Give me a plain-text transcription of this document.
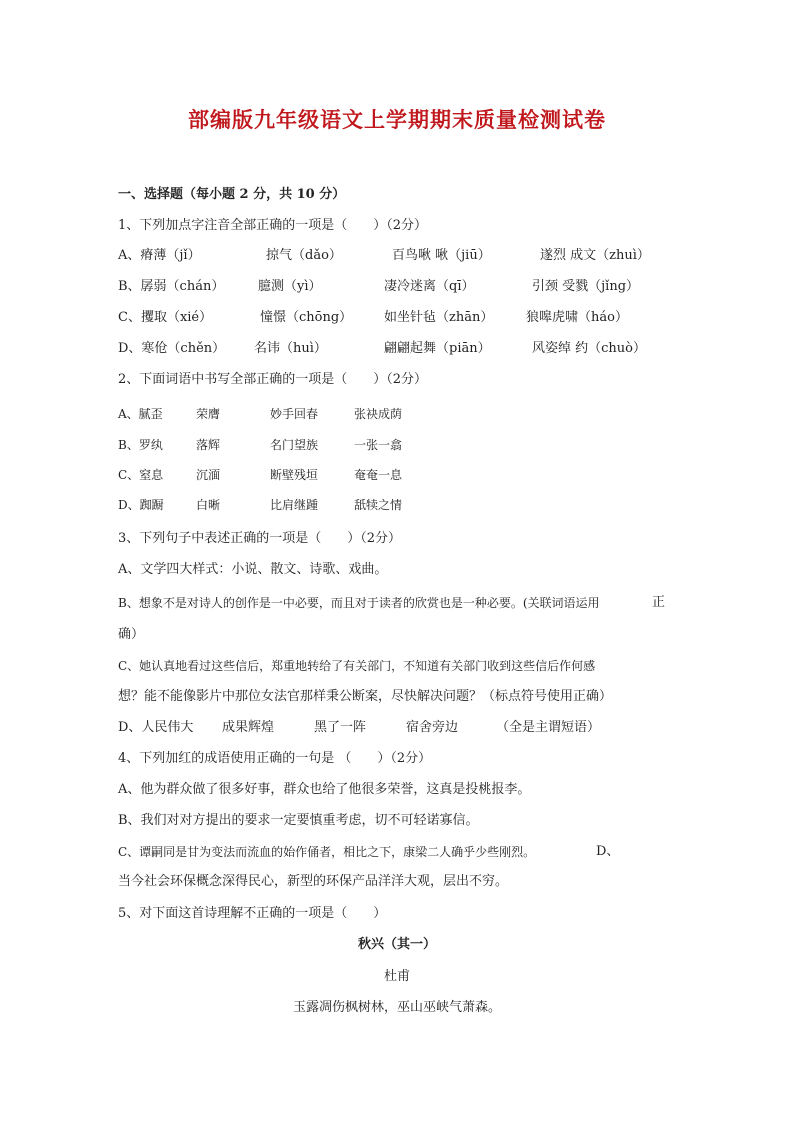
部编版九年级语文上学期期末质量检测试卷
一、选择题（每小题 2 分，共 10 分）
1、下列加点字注音全部正确的一项是（　　）（2分）
A、瘠薄（jǐ）	掠气（dǎo）	百鸟啾 啾（jiū）	遂烈 成文（zhuì）
B、孱弱（chán）	臆测（yì）	凄冷迷离（qī）	引颈 受戮（jǐng）
C、攫取（xié）	憧憬（chōng） 如坐针毡（zhān）	狼嗥虎啸（háo）
D、寒伧（chěn） 名讳（huì）	翩翩起舞（piān）	风姿绰 约（chuò）
2、下面词语中书写全部正确的一项是（　　）（2分）
A、腻歪	荣膺	妙手回春	张袂成荫
B、罗纨	落辉	名门望族	一张一翕
C、窒息	沉湎	断壁残垣	奄奄一息
D、踟蹰	白晰	比肩继踵	舐犊之情
3、下列句子中表述正确的一项是（　　）（2分）
A、文学四大样式：小说、散文、诗歌、戏曲。
B、想象不是对诗人的创作是一中必要，而且对于读者的欣赏也是一种必要。(关联词语运用	正
确）
C、她认真地看过这些信后，郑重地转给了有关部门，不知道有关部门收到这些信后作何感
想？能不能像影片中那位女法官那样秉公断案，尽快解决问题？（标点符号使用正确）
D、人民伟大 成果辉煌	黑了一阵	宿舍旁边	（全是主谓短语）
4、下列加红的成语使用正确的一句是 （　　）（2分）
A、他为群众做了很多好事，群众也给了他很多荣誉，这真是投桃报李。
B、我们对对方提出的要求一定要慎重考虑，切不可轻诺寡信。
C、谭嗣同是甘为变法而流血的始作俑者，相比之下，康梁二人确乎少些刚烈。	D、
当今社会环保概念深得民心，新型的环保产品洋洋大观，层出不穷。
5、对下面这首诗理解不正确的一项是（　　）
秋兴（其一）
杜甫
玉露凋伤枫树林，巫山巫峡气萧森。
